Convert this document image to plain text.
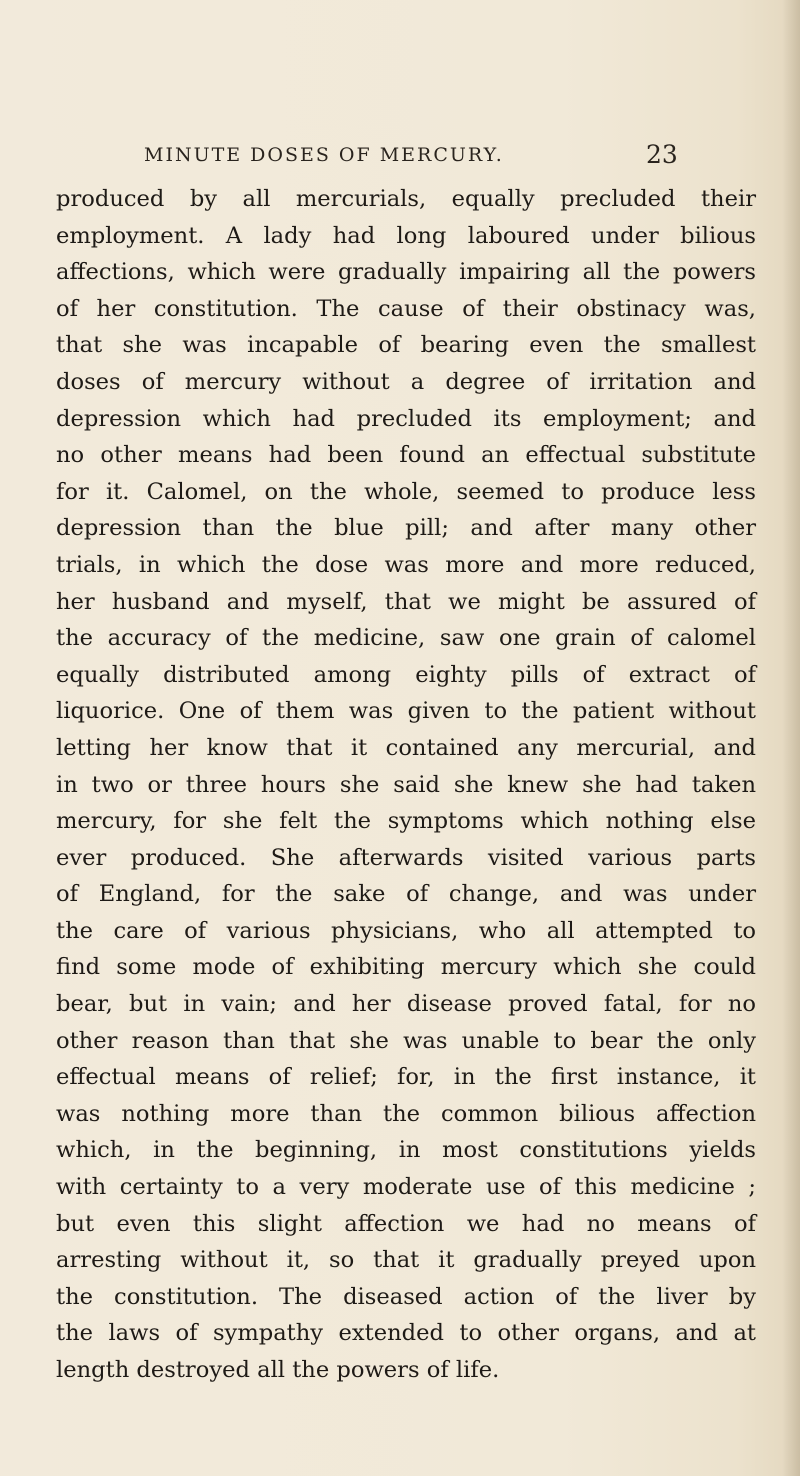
MINUTE DOSES OF MERCURY.	23
produced by all mercurials, equally precluded their
employment. A lady had long laboured under bilious
affections, which were gradually impairing all the powers
of her constitution. The cause of their obstinacy was,
that she was incapable of bearing even the smallest
doses of mercury without a degree of irritation and
depression which had precluded its employment; and
no other means had been found an effectual substitute
for it. Calomel, on the whole, seemed to produce less
depression than the blue pill; and after many other
trials, in which the dose was more and more reduced,
her husband and myself, that we might be assured of
the accuracy of the medicine, saw one grain of calomel
equally distributed among eighty pills of extract of
liquorice. One of them was given to the patient without
letting her know that it contained any mercurial, and
in two or three hours she said she knew she had taken
mercury, for she felt the symptoms which nothing else
ever produced. She afterwards visited various parts
of England, for the sake of change, and was under
the care of various physicians, who all attempted to
find some mode of exhibiting mercury which she could
bear, but in vain; and her disease proved fatal, for no
other reason than that she was unable to bear the only
effectual means of relief; for, in the first instance, it
was nothing more than the common bilious affection
which, in the beginning, in most constitutions yields
with certainty to a very moderate use of this medicine ;
but even this slight affection we had no means of
arresting without it, so that it gradually preyed upon
the constitution. The diseased action of the liver by
the laws of sympathy extended to other organs, and at
length destroyed all the powers of life.
